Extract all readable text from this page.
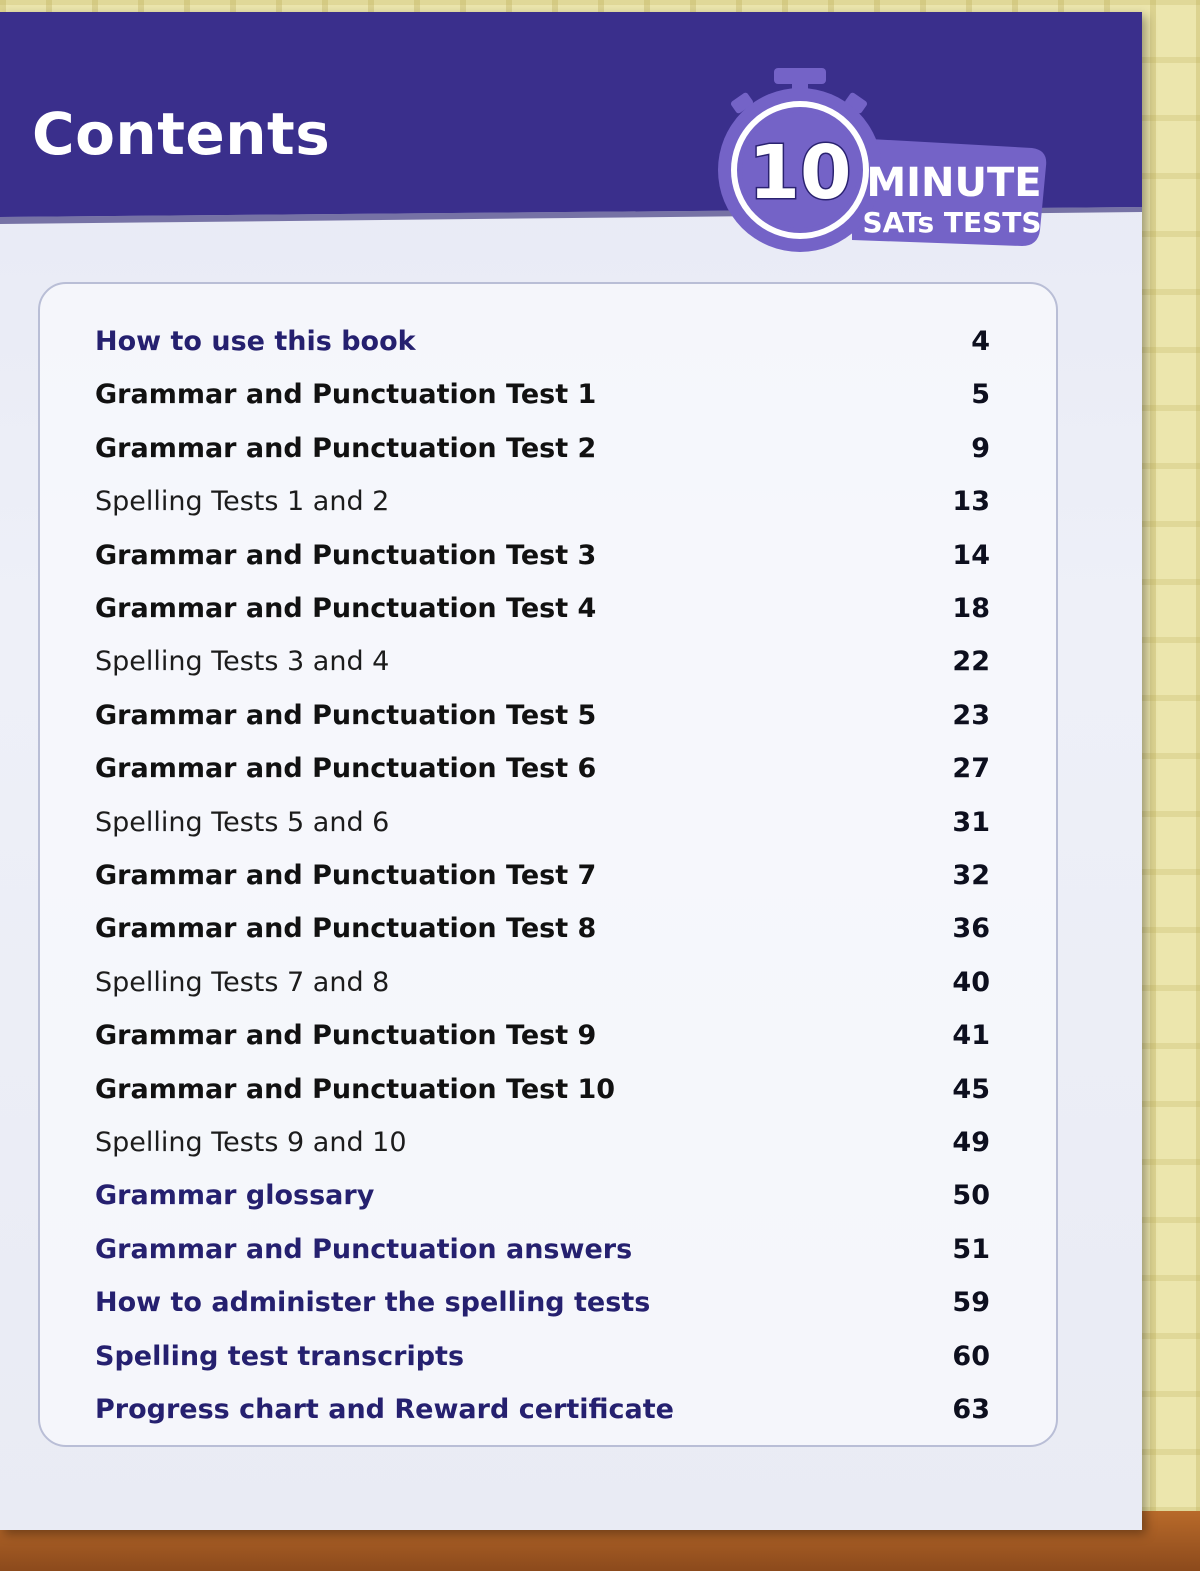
Contents	10 MINUTE
SATs TESTS
How to use this book	4
Grammar and Punctuation Test 1	5
Grammar and Punctuation Test 2	9
Spelling Tests 1 and 2	13
Grammar and Punctuation Test 3	14
Grammar and Punctuation Test 4	18
Spelling Tests 3 and 4	22
Grammar and Punctuation Test 5	23
Grammar and Punctuation Test 6	27
Spelling Tests 5 and 6	31
Grammar and Punctuation Test 7	32
Grammar and Punctuation Test 8	36
Spelling Tests 7 and 8	40
Grammar and Punctuation Test 9	41
Grammar and Punctuation Test 10	45
Spelling Tests 9 and 10	49
Grammar glossary	50
Grammar and Punctuation answers	51
How to administer the spelling tests	59
Spelling test transcripts	60
Progress chart and Reward certificate	63
